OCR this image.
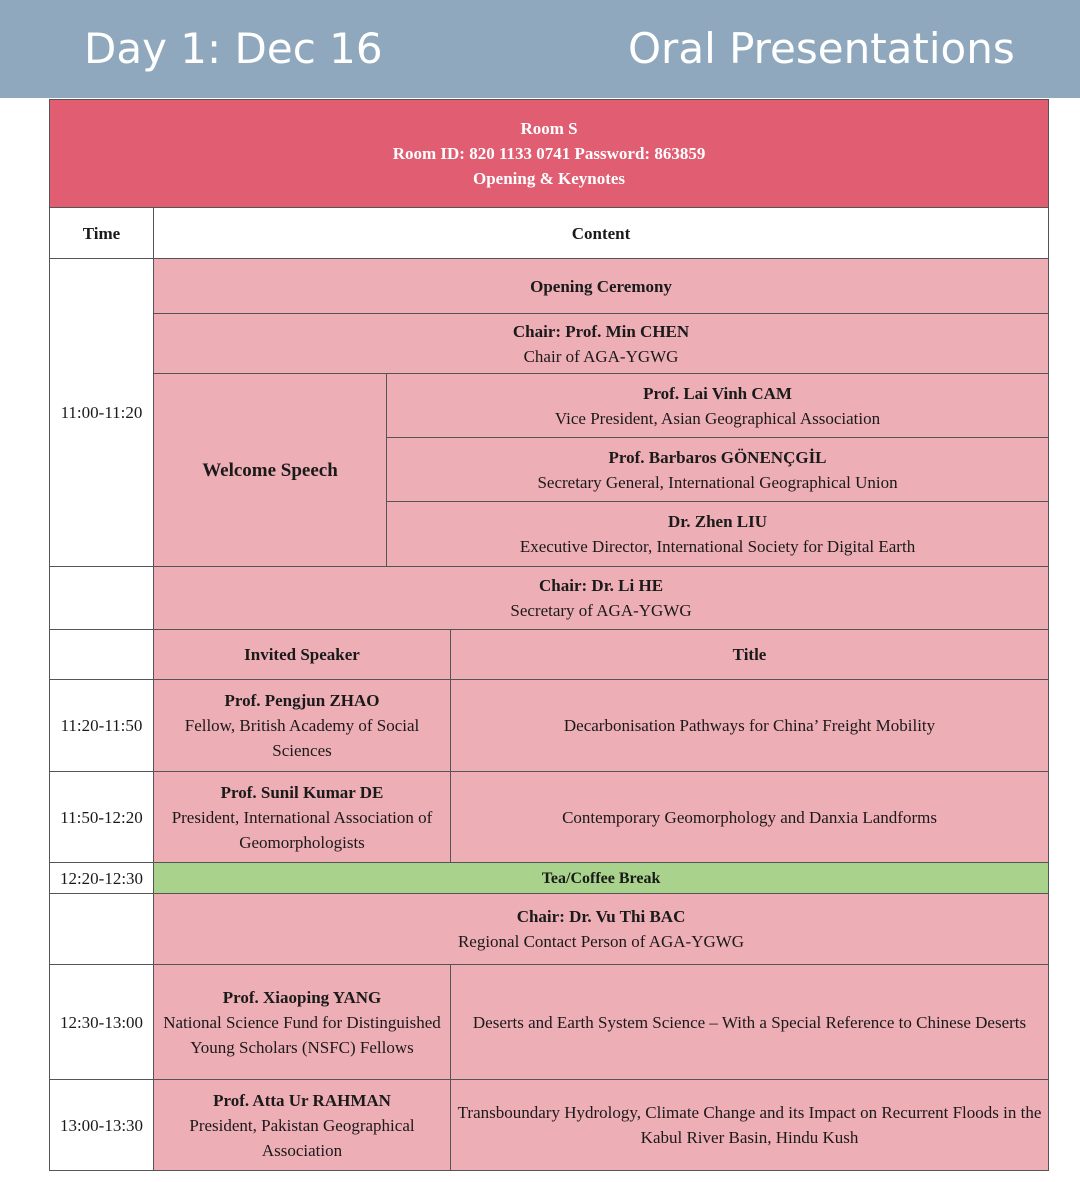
Day 1: Dec 16	Oral Presentations
Room S
Room ID: 820 1133 0741 Password: 863859
Opening & Keynotes			

Time	Content		
11:00-11:20	Opening Ceremony		

	Chair: Prof. Min CHEN
Chair of AGA-YGWG		

	Welcome Speech	Prof. Lai Vinh CAM
Vice President, Asian Geographical Association	

		Prof. Barbaros GÖNENÇGİL
Secretary General, International Geographical Union	

		Dr. Zhen LIU
Executive Director, International Society for Digital Earth	

	Chair: Dr. Li HE
Secretary of AGA-YGWG		

	Invited Speaker		Title
11:20-11:50	Prof. Pengjun ZHAO
Fellow, British Academy of Social Sciences		Decarbonisation Pathways for China’ Freight Mobility
11:50-12:20	Prof. Sunil Kumar DE
President, International Association of Geomorphologists		Contemporary Geomorphology and Danxia Landforms
12:20-12:30	Tea/Coffee Break		

	Chair: Dr. Vu Thi BAC
Regional Contact Person of AGA-YGWG		

12:30-13:00	Prof. Xiaoping YANG
National Science Fund for Distinguished Young Scholars (NSFC) Fellows		Deserts and Earth System Science – With a Special Reference to Chinese Deserts
13:00-13:30	Prof. Atta Ur RAHMAN
President, Pakistan Geographical Association		Transboundary Hydrology, Climate Change and its Impact on Recurrent Floods in the Kabul River Basin, Hindu Kush
